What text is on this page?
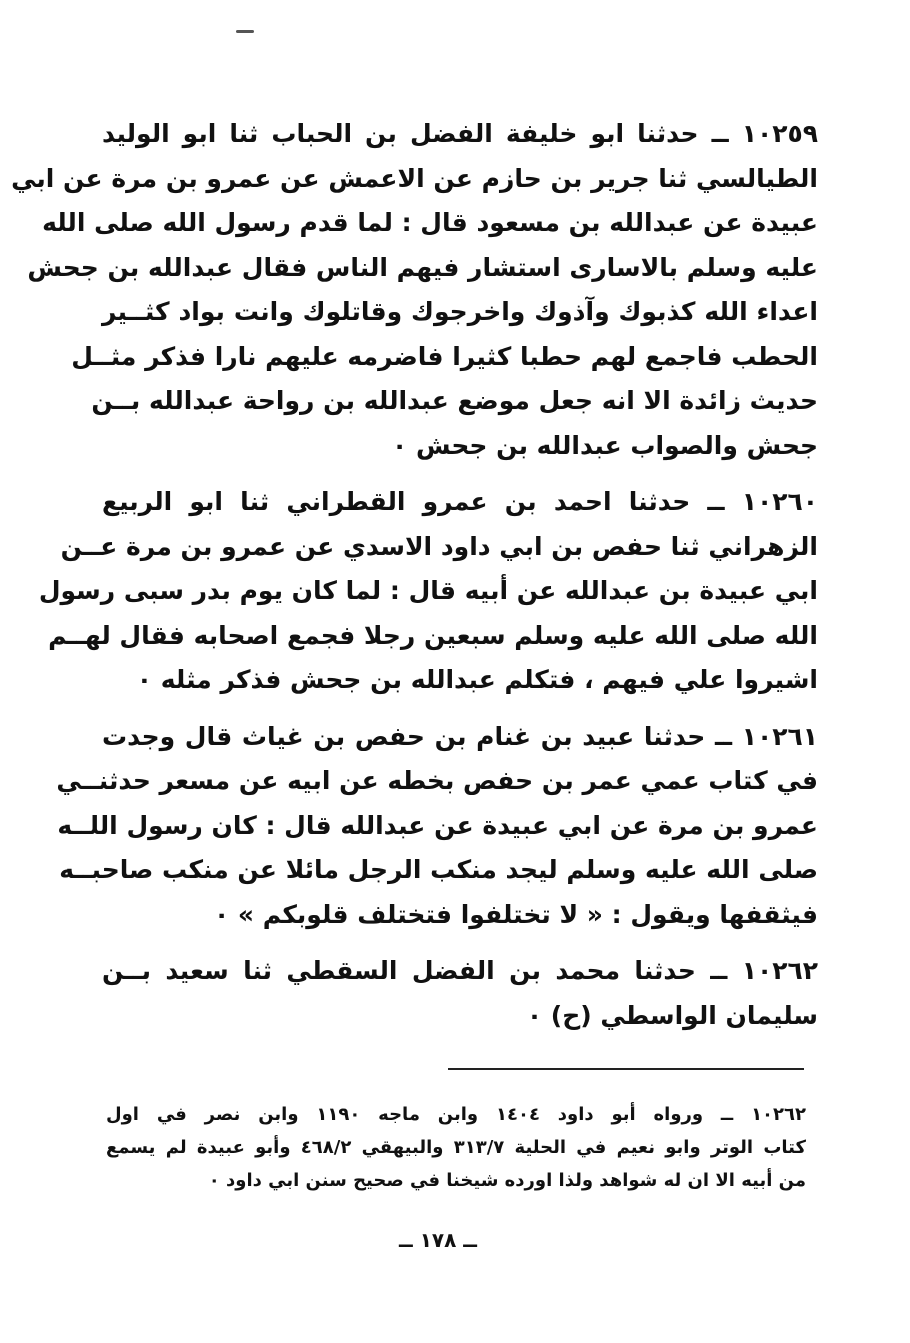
١٠٢٥٩ ــ حدثنا ابو خليفة الفضل بن الحباب ثنا ابو الوليد
الطيالسي ثنا جرير بن حازم عن الاعمش عن عمرو بن مرة عن ابي
عبيدة عن عبدالله بن مسعود قال : لما قدم رسول الله صلى الله
عليه وسلم بالاسارى استشار فيهم الناس فقال عبدالله بن جحش
اعداء الله كذبوك وآذوك واخرجوك وقاتلوك وانت بواد كثــير
الحطب فاجمع لهم حطبا كثيرا فاضرمه عليهم نارا فذكر مثــل
حديث زائدة الا انه جعل موضع عبدالله بن رواحة عبدالله بــن
جحش والصواب عبدالله بن جحش ٠
١٠٢٦٠ ــ حدثنا احمد بن عمرو القطراني ثنا ابو الربيع
الزهراني ثنا حفص بن ابي داود الاسدي عن عمرو بن مرة عــن
ابي عبيدة بن عبدالله عن أبيه قال : لما كان يوم بدر سبى رسول
الله صلى الله عليه وسلم سبعين رجلا فجمع اصحابه فقال لهــم
اشيروا علي فيهم ، فتكلم عبدالله بن جحش فذكر مثله ٠
١٠٢٦١ ــ حدثنا عبيد بن غنام بن حفص بن غياث قال وجدت
في كتاب عمي عمر بن حفص بخطه عن ابيه عن مسعر حدثنــي
عمرو بن مرة عن ابي عبيدة عن عبدالله قال : كان رسول اللــه
صلى الله عليه وسلم ليجد منكب الرجل مائلا عن منكب صاحبــه
فيثقفها ويقول : « لا تختلفوا فتختلف قلوبكم » ٠
١٠٢٦٢ ــ حدثنا محمد بن الفضل السقطي ثنا سعيد بــن
سليمان الواسطي (ح) ٠
١٠٢٦٢ ــ ورواه أبو داود ١٤٠٤ وابن ماجه ١١٩٠ وابن نصر في اول
كتاب الوتر وابو نعيم في الحلية ٣١٣/٧ والبيهقي ٤٦٨/٢ وأبو عبيدة لم يسمع
من أبيه الا ان له شواهد ولذا اورده شيخنا في صحيح سنن ابي داود ٠
ــ ١٧٨ ــ
